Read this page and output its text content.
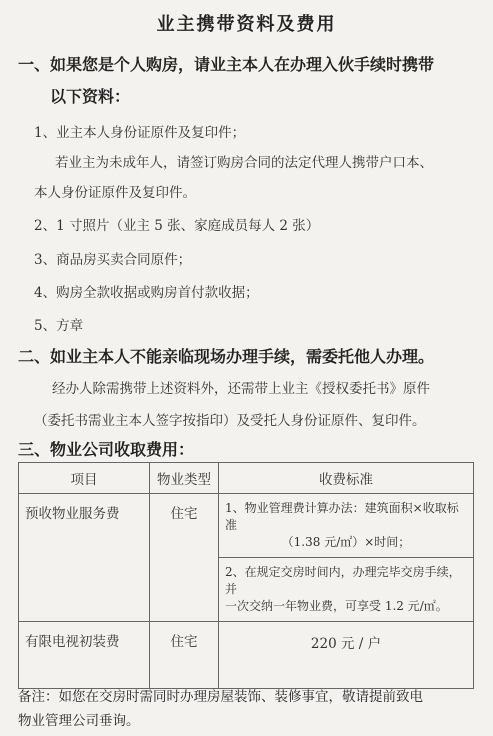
业主携带资料及费用
一、如果您是个人购房，请业主本人在办理入伙手续时携带
以下资料：
1、业主本人身份证原件及复印件；
若业主为未成年人，请签订购房合同的法定代理人携带户口本、
本人身份证原件及复印件。
2、1 寸照片（业主 5 张、家庭成员每人 2 张）
3、商品房买卖合同原件；
4、购房全款收据或购房首付款收据；
5、方章
二、如业主本人不能亲临现场办理手续，需委托他人办理。
经办人除需携带上述资料外，还需带上业主《授权委托书》原件
（委托书需业主本人签字按指印）及受托人身份证原件、复印件。
三、物业公司收取费用：
项目	物业类型	收费标准
预收物业服务费	住宅	1、物业管理费计算办法：建筑面积×收取标准
（1.38 元/㎡）×时间；
2、在规定交房时间内，办理完毕交房手续，并
一次交纳一年物业费，可享受 1.2 元/㎡。

有限电视初装费	住宅	220 元 / 户
备注：如您在交房时需同时办理房屋装饰、装修事宜，敬请提前致电
物业管理公司垂询。
